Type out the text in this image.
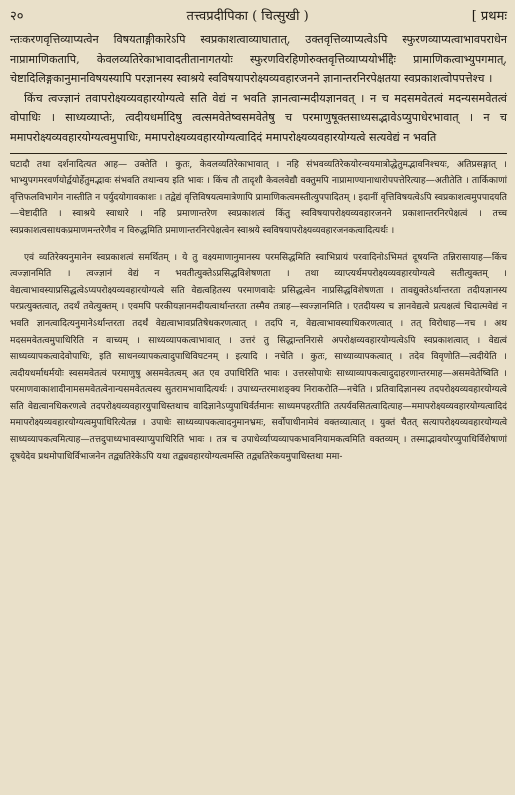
२०	तत्त्वप्रदीपिका ( चित्सुखी )	[ प्रथमः

न्तःकरणवृत्तिव्याप्यत्वेन विषयताङ्गीकारेऽपि स्वप्रकाशत्वाव्याघातात्, उक्तवृत्तिव्याप्यत्वेऽपि स्फुरणव्याप्यत्वाभावपराधेन नाप्रामाणिकतापि, केवलव्यतिरेकाभावादतीतानागतयोः स्फुरणविरहिणोरुक्तवृत्तिव्याप्ययोर्भीद्दैः प्रामाणिकत्वाभ्युपगमात्, चेष्टादिलिङ्गकानुमानविषयस्यापि परज्ञानस्य स्वाश्रये स्वविषयापरोक्ष्यव्यवहारजनने ज्ञानान्तरनिरपेक्षतया स्वप्रकाशत्वोपपत्तेश्च ।

किंच त्वज्ज्ञानं तवापरोक्ष्यव्यवहारयोग्यत्वे सति वेद्यं न भवति ज्ञानत्वान्मदीयज्ञानवत् । न च मदसमवेतत्वं मदन्यसमवेतत्वं वोपाधिः । साध्यव्याप्तेः, त्वदीयधर्मादिषु त्वत्समवेतेष्वसमवेतेषु च परमाणुषूक्तसाध्यसद्भावेऽप्युपाधेरभावात् । न च ममापरोक्ष्यव्यवहारयोग्यत्वमुपाधिः, ममापरोक्ष्यव्यवहारयोग्यत्वादिदं ममापरोक्ष्यव्यवहारयोग्यत्वे सत्यवेद्यं न भवति

घटादौ तथा दर्शनादित्यत आह— उक्तेति । कुतः, केवलव्यतिरेकाभावात् । नहि संभवव्यतिरेकयोरन्वयमात्रोद्धेतुमद्भावनिश्चयः, अतिप्रसङ्गात् । भाभ्युपगमरवर्णयोर्द्वयोर्हेतुमद्भावः संभवति तथान्वय इति भावः । किंच तौ तादृशौ केवलवेद्यौ वक्तुमपि नाप्रामाण्यानाधारोपपत्तेरित्याह—अतीतेति । तार्किकाणां वृत्तिफलविभागेन नास्तीति न पर्युदयोगावकाशः । तद्वेद्यं वृत्तिविषयत्वमात्रेणापि प्रामाणिकत्वमस्तीत्युपपादितम् । इदानीं वृत्तिविषयत्वेऽपि स्वप्रकाशत्वमुपपादयति—चेष्टादीति । स्वाश्रये स्वाधारे । नहि प्रमाणान्तरेण स्वप्रकाशत्वं किंतु स्वविषयापरोक्ष्यव्यवहारजनने प्रकाशान्तरनिरपेक्षत्वं । तच्च स्वप्रकाशत्वसाधकप्रमाणमन्तरेणैव न विरुद्धमिति प्रमाणान्तरनिरपेक्षत्वेन स्वाश्रये स्वविषयापरोक्ष्यव्यवहारजनकत्वादित्यर्थः ।

एवं व्यतिरेक्यनुमानेन स्वप्रकाशत्वं समर्थितम् । ये तु वक्ष्यमाणानुमानस्य परमसिद्धमिति स्वाभिप्रायं परवादिनोऽभिमतं दूषयन्ति तन्निरासायाह—किंच त्वज्ज्ञानमिति । त्वज्ज्ञानं वेद्यं न भवतीत्युक्तेऽप्रसिद्धविशेषणता । तथा व्याप्त्यर्थमपरोक्ष्यव्यवहारयोग्यत्वे सतीत्युक्तम् । वेद्यत्वाभावस्याप्रसिद्धत्वेऽप्यपरोक्ष्यव्यवहारयोग्यत्वे सति वेद्यत्वहितस्य परमाणवादेः प्रसिद्धत्वेन नाप्रसिद्धविशेषणता । तावद्युक्तेऽर्थान्तरता तदीयज्ञानस्य परप्रत्युक्तत्वात्, तदर्थं तवेत्युक्तम् । एवमपि परकीयज्ञानमदीयत्वार्थान्तरता तस्मैव तत्राह—स्वज्ज्ञानमिति । एतदीयस्य च ज्ञानवेद्यत्वे प्रत्यक्षत्वं चिदात्मवेद्यं न भवति ज्ञानत्वादित्यनुमानेऽर्थान्तरता तदर्थं वेद्यत्वाभावप्रतिषेधकरणत्वात् । तदपि न, वेद्यत्वाभावस्याधिकरणत्वात् । तत् विरोधाह—नच । अथ मदसमवेतत्वमुपाधिरिति न वाच्यम् । साध्यव्यापकत्वाभावात् । उत्तरं तु सिद्धान्तनिरासे अपरोक्षव्यवहारयोग्यत्वेऽपि स्वप्रकाशत्वात् । वेद्यत्वं साध्यव्यापकत्वादेवोपाधिः, इति साधनव्यापकत्वादुपाधिविघटनम् । इत्यादि । नचेति । कुतः, साध्याव्यापकत्वात् । तदेव विवृणोति—त्वदीयेति । त्वदीयधर्माधर्मयोः स्वसमवेतत्वं परमाणुषु असमवेतत्वम् अत एव उपाधिरिति भावः । उत्तरसोपाधेः साध्याव्यापकत्वादुदाहरणान्तरमाह—असमवेतेष्विति । परमाणवाकाशादीनामसमवेतत्वेनान्यसमवेतत्वस्य सुतरामभावादित्यर्थः । उपाध्यन्तरमाशङ्क्य निराकरोति—नचेति । प्रतिवादिज्ञानस्य तदपरोक्ष्यव्यवहारयोग्यत्वे सति वेद्यत्वानधिकरणत्वे तदपरोक्ष्यव्यवहारयुपाधिस्तथाच वादिज्ञानेऽप्युपाधिर्वर्तमानः साध्यमपहरतीति तत्पर्यवसितत्वादित्याह—ममापरोक्ष्यव्यवहारयोग्यत्वादिदं ममापरोक्ष्यव्यवहारयोग्यत्वमुपाधिरित्येतन्न । उपाधेः साध्यव्यापकत्वादनुमानभ्रमः, सर्वोपाधीनामेवं वक्तव्यात्वात् । युक्तं चैतत् सत्यापरोक्ष्यव्यवहारयोग्यत्वे साध्यव्यापकत्वमित्याह—तत्तदुपाध्यभावस्याप्युपाधिरिति भावः । तत्र च उपाधेर्व्याप्यव्यापकभावनियामकत्वमिति वक्तव्यम् । तस्माद्भावयोरप्युपाधिर्विशेषाणां दूषयेदेव प्रथमोपाधिर्विभाजनेन तद्व्यतिरेकेऽपि यथा तद्व्यवहारयोग्यत्वमस्ति तद्व्यतिरेकयमुपाधिस्तथा ममा-
